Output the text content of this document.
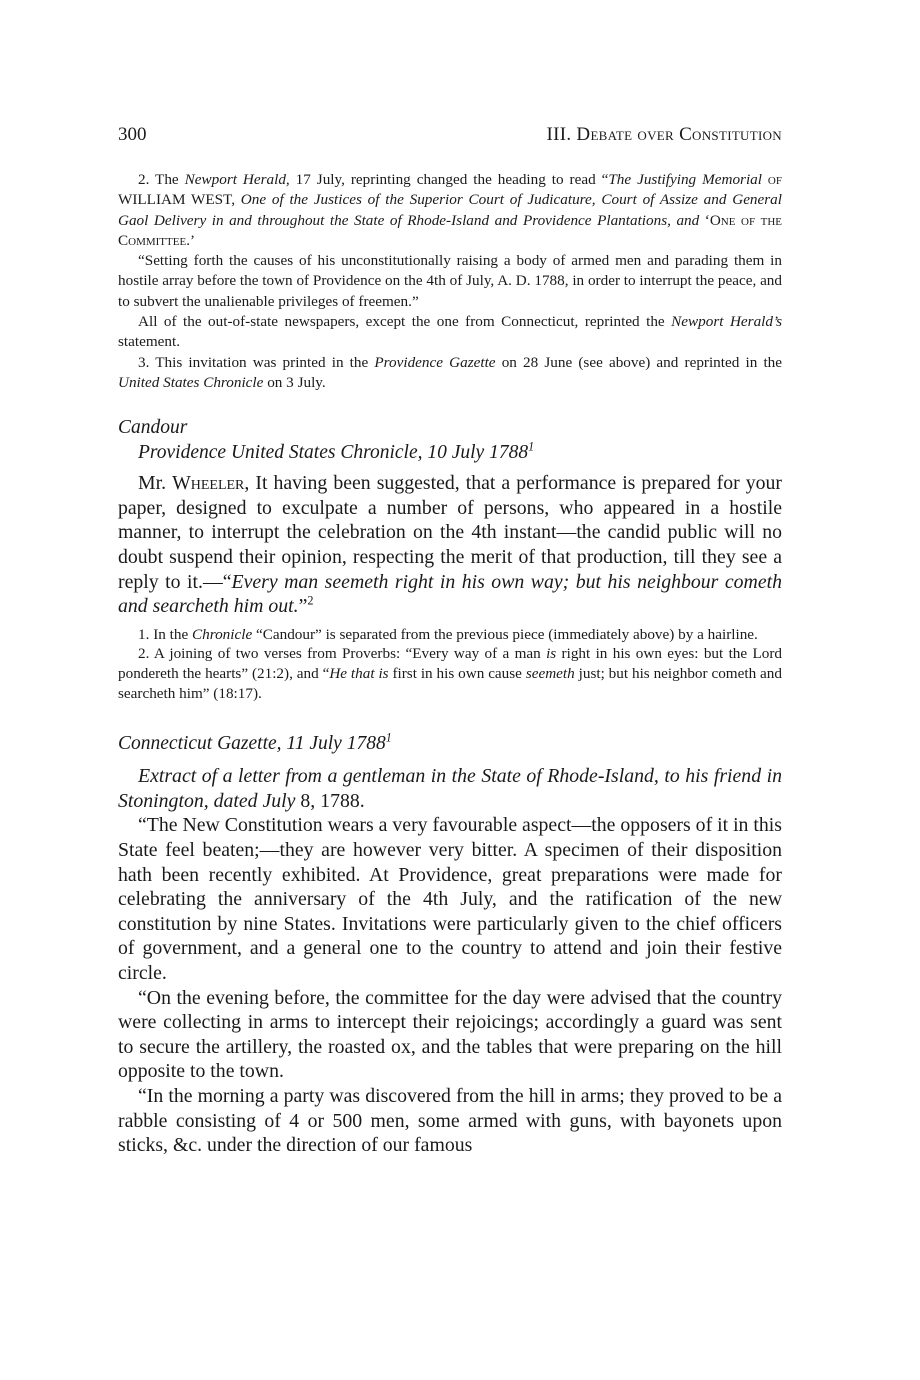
300	III. Debate over Constitution

2. The Newport Herald, 17 July, reprinting changed the heading to read “The Justifying Memorial of WILLIAM WEST, One of the Justices of the Superior Court of Judicature, Court of Assize and General Gaol Delivery in and throughout the State of Rhode-Island and Providence Plantations, and ‘One of the Committee.’

“Setting forth the causes of his unconstitutionally raising a body of armed men and parading them in hostile array before the town of Providence on the 4th of July, A. D. 1788, in order to interrupt the peace, and to subvert the unalienable privileges of freemen.”

All of the out-of-state newspapers, except the one from Connecticut, reprinted the Newport Herald’s statement.

3. This invitation was printed in the Providence Gazette on 28 June (see above) and reprinted in the United States Chronicle on 3 July.

Candour
Providence United States Chronicle, 10 July 1788$^1$

Mr. Wheeler, It having been suggested, that a performance is prepared for your paper, designed to exculpate a number of persons, who appeared in a hostile manner, to interrupt the celebration on the 4th instant—the candid public will no doubt suspend their opinion, respecting the merit of that production, till they see a reply to it.—“Every man seemeth right in his own way; but his neighbour cometh and searcheth him out.”$^2$

1. In the Chronicle “Candour” is separated from the previous piece (immediately above) by a hairline.

2. A joining of two verses from Proverbs: “Every way of a man is right in his own eyes: but the Lord pondereth the hearts” (21:2), and “He that is first in his own cause seemeth just; but his neighbor cometh and searcheth him” (18:17).

Connecticut Gazette, 11 July 1788$^1$
Extract of a letter from a gentleman in the State of Rhode-Island, to his friend in Stonington, dated July 8, 1788.

“The New Constitution wears a very favourable aspect—the opposers of it in this State feel beaten;—they are however very bitter. A specimen of their disposition hath been recently exhibited. At Providence, great preparations were made for celebrating the anniversary of the 4th July, and the ratification of the new constitution by nine States. Invitations were particularly given to the chief officers of government, and a general one to the country to attend and join their festive circle.

“On the evening before, the committee for the day were advised that the country were collecting in arms to intercept their rejoicings; accordingly a guard was sent to secure the artillery, the roasted ox, and the tables that were preparing on the hill opposite to the town.

“In the morning a party was discovered from the hill in arms; they proved to be a rabble consisting of 4 or 500 men, some armed with guns, with bayonets upon sticks, &c. under the direction of our famous
